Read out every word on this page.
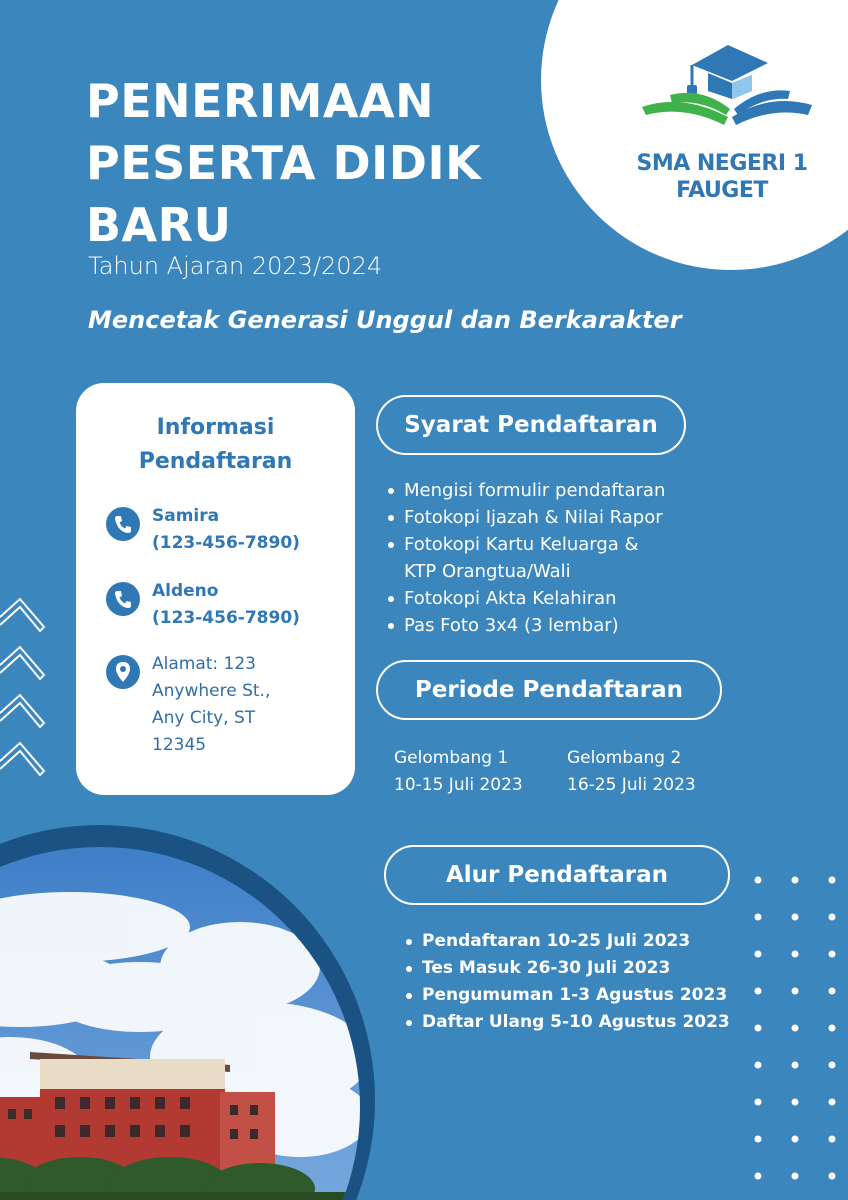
SMA NEGERI 1
FAUGET
PENERIMAAN
PESERTA DIDIK
BARU
Tahun Ajaran 2023/2024
Mencetak Generasi Unggul dan Berkarakter
Informasi
Pendaftaran
Samira
(123-456-7890)
Aldeno
(123-456-7890)
Alamat: 123
Anywhere St.,
Any City, ST
12345
Syarat Pendaftaran
Mengisi formulir pendaftaran
Fotokopi Ijazah & Nilai Rapor
Fotokopi Kartu Keluarga &
KTP Orangtua/Wali
Fotokopi Akta Kelahiran
Pas Foto 3x4 (3 lembar)
Periode Pendaftaran
Gelombang 1
10-15 Juli 2023
Gelombang 2
16-25 Juli 2023
Alur Pendaftaran
Pendaftaran 10-25 Juli 2023
Tes Masuk 26-30 Juli 2023
Pengumuman 1-3 Agustus 2023
Daftar Ulang 5-10 Agustus 2023
